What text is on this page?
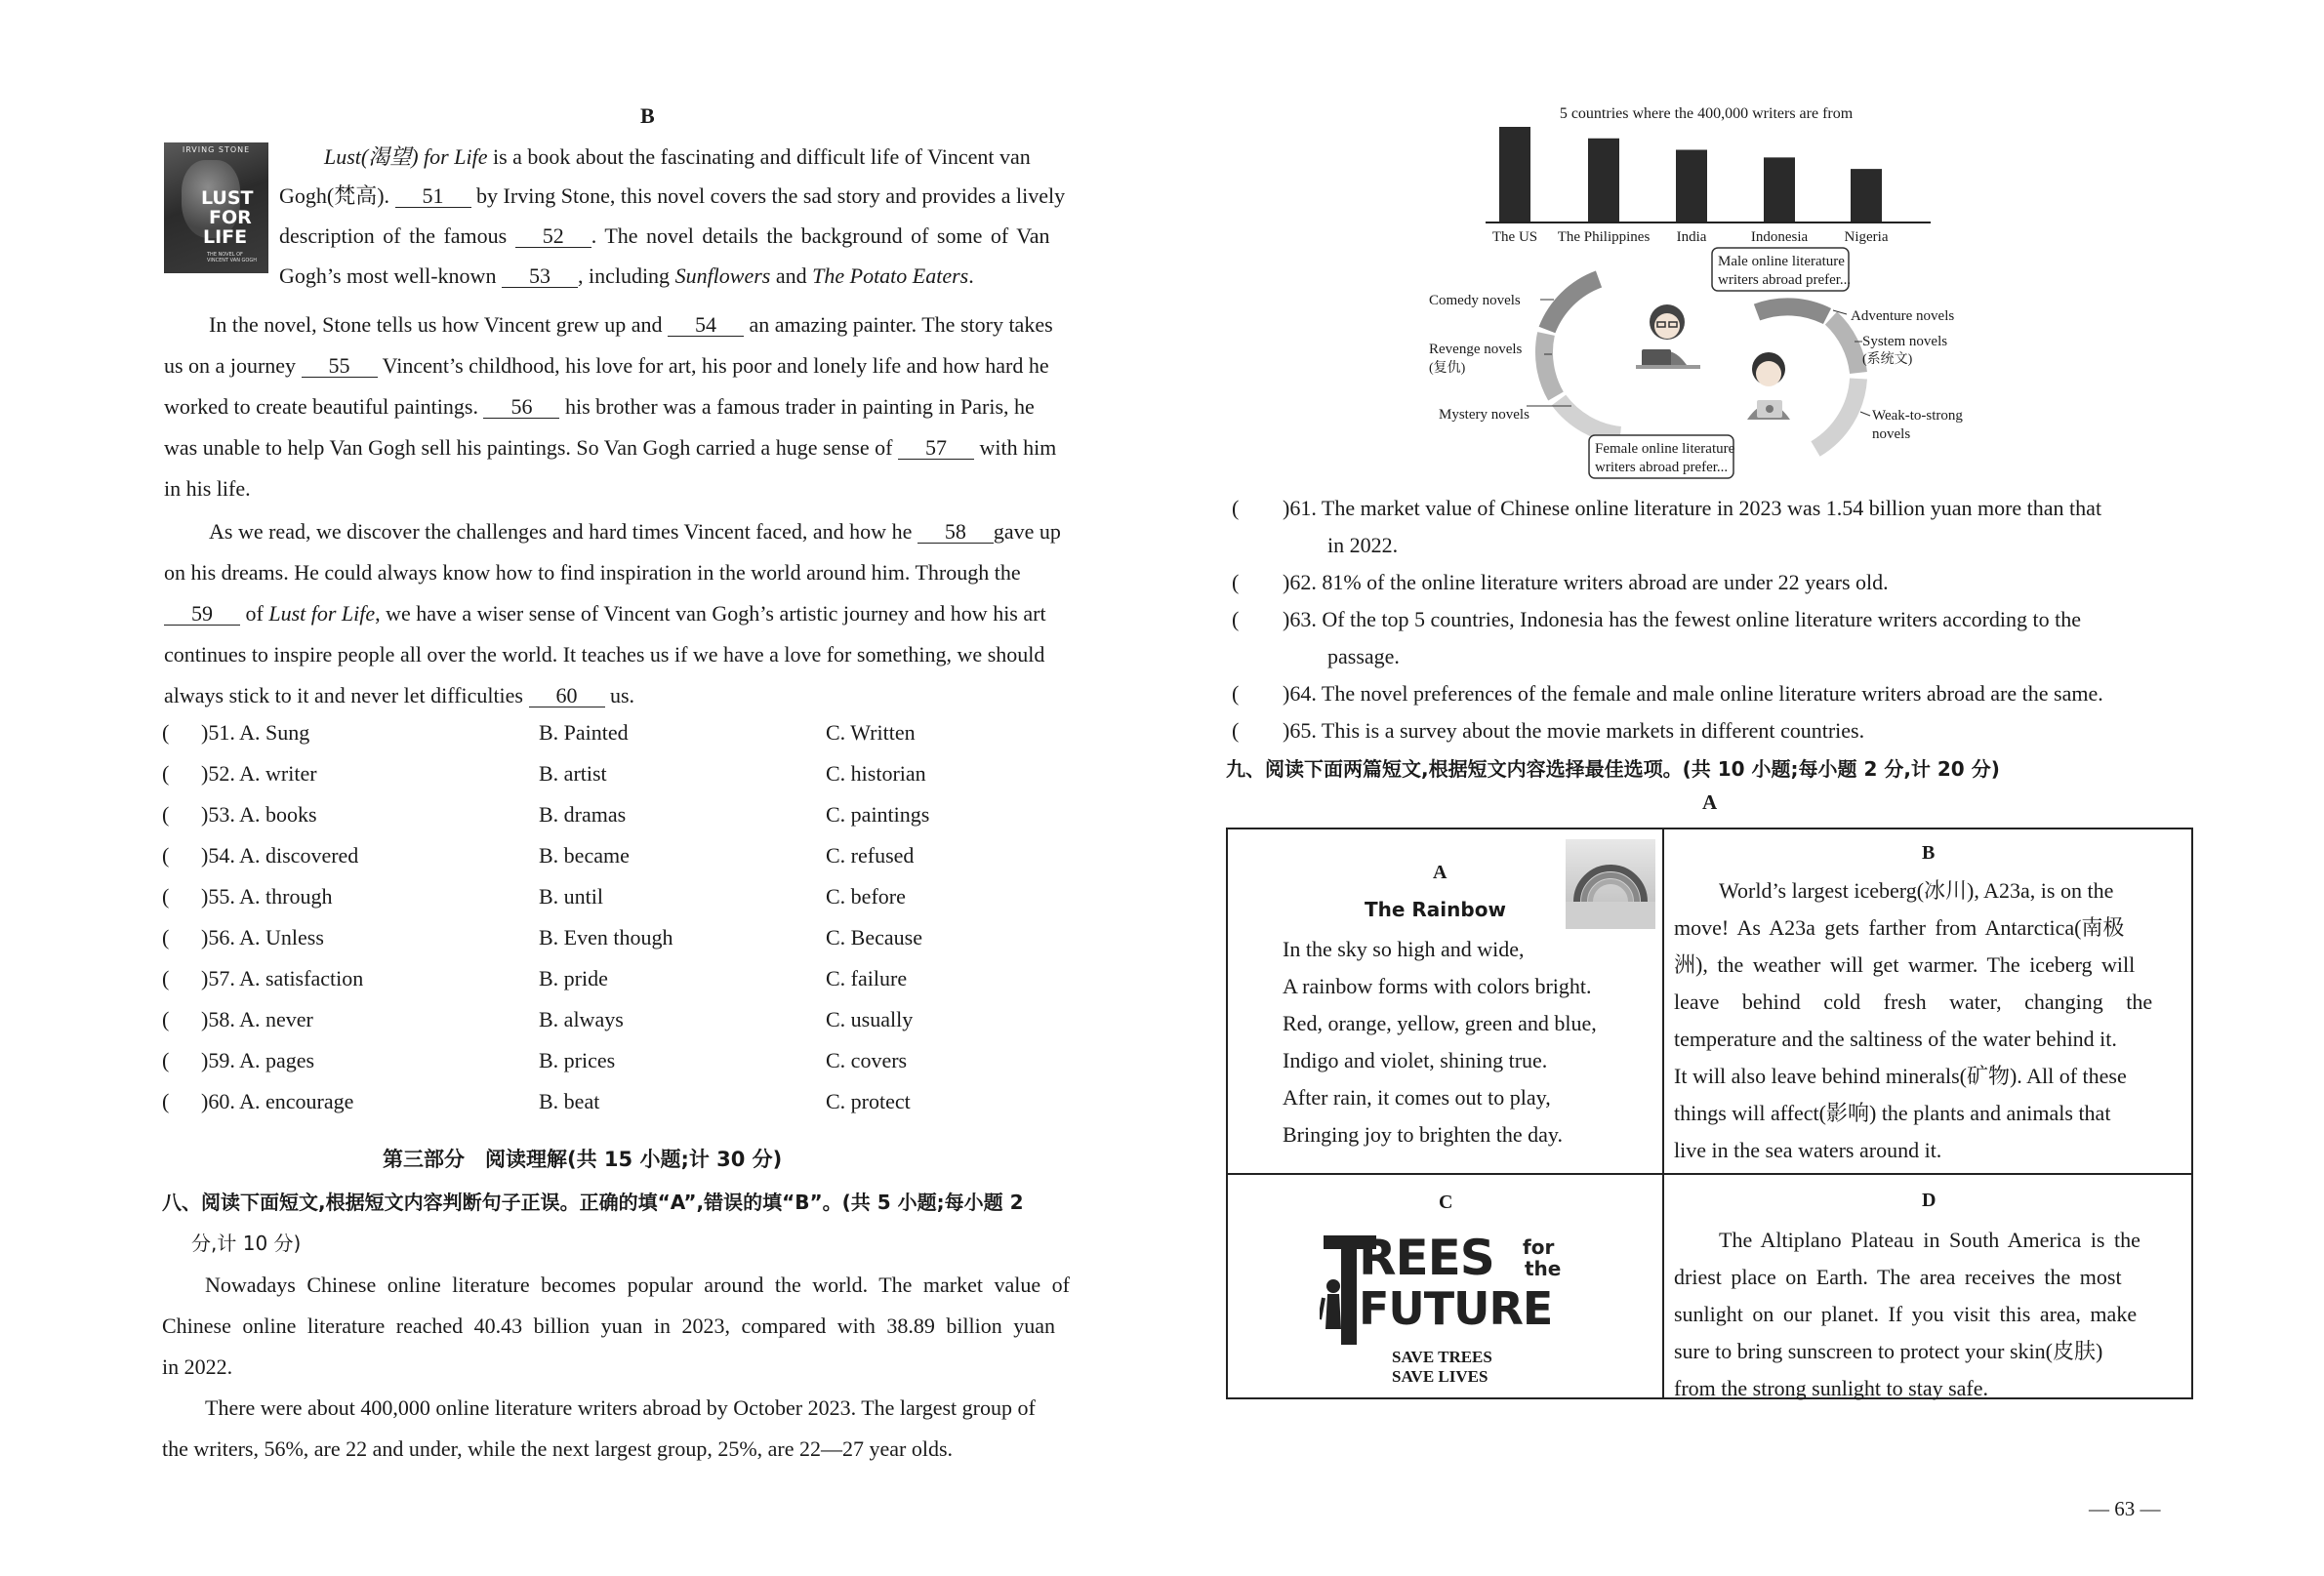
B
IRVING STONE
LUST
FOR
LIFE
THE NOVEL OF VINCENT VAN GOGH
Lust(渴望) for Life is a book about the fascinating and difficult life of Vincent van
Gogh(梵高). 51 by Irving Stone, this novel covers the sad story and provides a lively
description of the famous 52 . The novel details the background of some of Van
Gogh’s most well-known 53 , including Sunflowers and The Potato Eaters.
In the novel, Stone tells us how Vincent grew up and 54 an amazing painter. The story takes
us on a journey 55 Vincent’s childhood, his love for art, his poor and lonely life and how hard he
worked to create beautiful paintings. 56 his brother was a famous trader in painting in Paris, he
was unable to help Van Gogh sell his paintings. So Van Gogh carried a huge sense of 57 with him
in his life.
As we read, we discover the challenges and hard times Vincent faced, and how he 58 gave up
on his dreams. He could always know how to find inspiration in the world around him. Through the
59 of Lust for Life, we have a wiser sense of Vincent van Gogh’s artistic journey and how his art
continues to inspire people all over the world. It teaches us if we have a love for something, we should
always stick to it and never let difficulties 60 us.
( )51. A. Sung	B. Painted	C. Written
( )52. A. writer	B. artist	C. historian
( )53. A. books	B. dramas	C. paintings
( )54. A. discovered	B. became	C. refused
( )55. A. through	B. until	C. before
( )56. A. Unless	B. Even though	C. Because
( )57. A. satisfaction	B. pride	C. failure
( )58. A. never	B. always	C. usually
( )59. A. pages	B. prices	C. covers
( )60. A. encourage	B. beat	C. protect
第三部分　阅读理解(共 15 小题;计 30 分)
八、阅读下面短文,根据短文内容判断句子正误。正确的填“A”,错误的填“B”。(共 5 小题;每小题 2
分,计 10 分)
Nowadays Chinese online literature becomes popular around the world. The market value of
Chinese online literature reached 40.43 billion yuan in 2023, compared with 38.89 billion yuan
in 2022.
There were about 400,000 online literature writers abroad by October 2023. The largest group of
the writers, 56%, are 22 and under, while the next largest group, 25%, are 22—27 year olds.
5 countries where the 400,000 writers are from
The US The Philippines India	Indonesia Nigeria
Male online literature
writers abroad prefer...
Female online literature
writers abroad prefer...
Comedy novels
Revenge novels
(复仇)
Mystery novels
Adventure novels
System novels
(系统文)
Weak-to-strong
novels
( )61. The market value of Chinese online literature in 2023 was 1.54 billion yuan more than that
in 2022.
( )62. 81% of the online literature writers abroad are under 22 years old.
( )63. Of the top 5 countries, Indonesia has the fewest online literature writers according to the
passage.
( )64. The novel preferences of the female and male online literature writers abroad are the same.
( )65. This is a survey about the movie markets in different countries.
九、阅读下面两篇短文,根据短文内容选择最佳选项。(共 10 小题;每小题 2 分,计 20 分)
A
A
The Rainbow
In the sky so high and wide,
A rainbow forms with colors bright.
Red, orange, yellow, green and blue,
Indigo and violet, shining true.
After rain, it comes out to play,
Bringing joy to brighten the day.
B
World’s largest iceberg(冰川), A23a, is on the
move! As A23a gets farther from Antarctica(南极
洲), the weather will get warmer. The iceberg will
leave behind cold fresh water, changing the
temperature and the saltiness of the water behind it.
It will also leave behind minerals(矿物). All of these
things will affect(影响) the plants and animals that
live in the sea waters around it.
C
REES for
the
FUTURE
SAVE TREES
SAVE LIVES
D
The Altiplano Plateau in South America is the
driest place on Earth. The area receives the most
sunlight on our planet. If you visit this area, make
sure to bring sunscreen to protect your skin(皮肤)
from the strong sunlight to stay safe.
— 63 —
